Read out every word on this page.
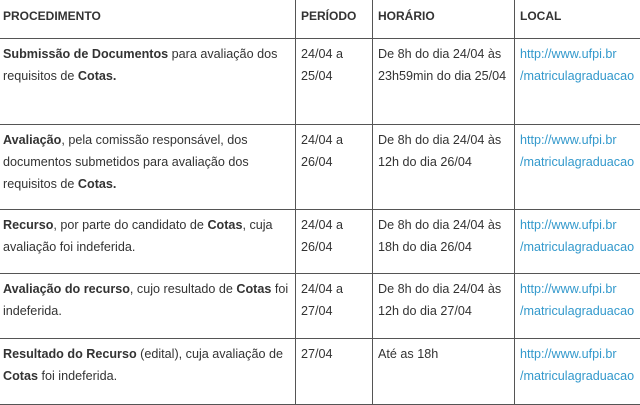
PROCEDIMENTO	PERÍODO	HORÁRIO	LOCAL
Submissão de Documentos para avaliação dos requisitos de Cotas.	24/04 a 25/04	De 8h do dia 24/04 às 23h59min do dia 25/04	http://www.ufpi.br
/matriculagraduacao

Avaliação, pela comissão responsável, dos documentos submetidos para avaliação dos requisitos de Cotas.	24/04 a 26/04	De 8h do dia 24/04 às 12h do dia 26/04	http://www.ufpi.br
/matriculagraduacao

Recurso, por parte do candidato de Cotas, cuja avaliação foi indeferida.	24/04 a 26/04	De 8h do dia 24/04 às 18h do dia 26/04	http://www.ufpi.br
/matriculagraduacao

Avaliação do recurso, cujo resultado de Cotas foi indeferida.	24/04 a 27/04	De 8h do dia 24/04 às 12h do dia 27/04	http://www.ufpi.br
/matriculagraduacao

Resultado do Recurso (edital), cuja avaliação de Cotas foi indeferida.	27/04	Até as 18h	http://www.ufpi.br
/matriculagraduacao
